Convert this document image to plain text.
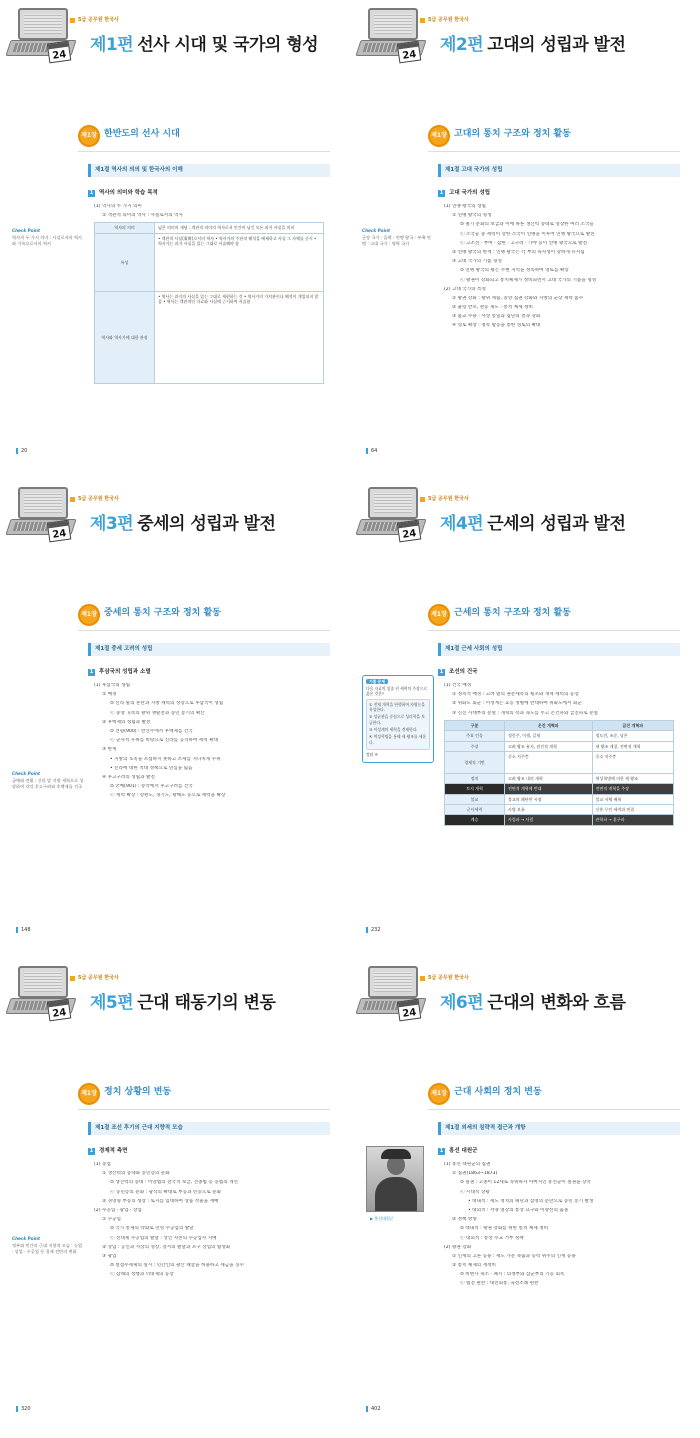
24
5급 공무원 한국사
제1편 선사 시대 및 국가의 형성
제1장 한반도의 선사 시대
제1절 역사의 의의 및 한국사의 이해
1	역사의 의미와 학습 목적
Check Point
역사의 두 가지 의미 : 사실로서의 역사와 기록으로서의 역사
(1) 역사의 두 가지 의미
① 객관적 의미의 역사 : 사실로서의 역사
역사의 의미	넓은 의미의 개념 : 객관적 의미의 역사로서 인간이 남긴 모든 과거 사실을 의미
특성	• 객관적 사실(事實)로서의 역사 • 역사가의 주관적 해석을 배제하고 사실 그 자체를 중시 • 역사가는 과거 사실을 있는 그대로 서술해야 함
역사와 역사가에 대한 관점	• 역사는 과거의 사실을 있는 그대로 재현하는 것 • 역사가의 가치관이나 해석이 개입되지 않음 • 역사는 객관적인 자료와 사실에 근거하여 서술함
20
24
5급 공무원 한국사
제2편 고대의 성립과 발전
제1장 고대의 통치 구조와 정치 활동
제1절 고대 국가의 성립
1	고대 국가의 성립
Check Point
군장 국가 : 읍락 : 연맹 왕국 : 부족 연맹 : 고대 국가 : 영역 국가
(1) 연맹 왕국의 성립
① 연맹 왕국의 형성
⊙ 철기 문화의 보급과 이에 따른 생산력 증대로 성장한 여러 소국들
ⓒ 소국들 중 세력이 강한 소국이 연맹을 이루어 연맹 왕국으로 발전
ⓒ 고조선 · 부여 · 삼한 · 고구려 · 가야 등이 연맹 왕국으로 발전
② 연맹 왕국의 한계 : 연맹 왕국은 각 부의 독자성이 강하게 유지됨
③ 고대 국가의 기틀 형성
⊙ 연맹 왕국의 왕은 주변 지역을 정복하여 영토를 확장
ⓒ 왕권이 강화되고 통치체제가 정비되면서 고대 국가의 기틀을 형성
(2) 고대 국가의 특성
① 왕권 강화 : 왕위 세습, 중앙 집권 강화와 지방의 군장 세력 흡수
② 율령 반포, 관등 제도 : 통치 체제 정비
③ 불교 수용 : 사상 통일과 집단의 결속 강화
④ 영토 확장 : 정복 활동을 통한 영토의 확대
64
24
5급 공무원 한국사
제3편 중세의 성립과 발전
제1장 중세의 통치 구조와 정치 활동
제1절 중세 고려의 성립
1	후삼국의 성립과 소멸
Check Point
궁예와 견훤 : 신라 말 지방 세력으로 성장하여 각각 후고구려와 후백제를 건국
(1) 후삼국의 성립
① 배경
⊙ 신라 말의 혼란과 지방 세력의 성장으로 후삼국이 성립
ⓒ 중앙 귀족의 왕위 쟁탈전과 농민 봉기의 확산
② 후백제의 성립과 발전
⊙ 견훤(900) : 완산주에서 후백제를 건국
ⓒ 군사적 우위를 바탕으로 신라를 공격하여 세력 확대
③ 한계
• 지방의 호족을 포섭하지 못하고 조세를 지나치게 수취
• 신라에 대한 적대 정책으로 민심을 잃음
④ 후고구려의 성립과 발전
⊙ 궁예(901) : 송악에서 후고구려를 건국
ⓒ 세력 확장 : 강원도, 경기도, 황해도 등으로 세력을 확장
148
24
5급 공무원 한국사
제4편 근세의 성립과 발전
제1장 근세의 통치 구조와 정치 활동
제1절 근세 사회의 성립
1	조선의 건국
기출 문제
다음 자료의 밑줄 친 세력의 주장으로 옳은 것은?
① 전제 개혁을 단행하여 자영농을 육성한다.
② 성균관을 중심으로 성리학을 보급한다.
③ 이성계의 세력을 견제한다.
④ 역성혁명을 통해 새 왕조를 세운다.
정답 ④
(1) 건국 배경
① 정치적 배경 : 고려 말의 권문세족의 횡포와 개혁 세력의 등장
② 위화도 회군 : 이성계는 요동 정벌에 반대하여 위화도에서 회군
③ 신진 사대부의 분열 : 개혁의 폭과 속도를 두고 온건파와 급진파로 분열
구분	온건 개혁파	급진 개혁파
주요 인물	정몽주, 이색, 길재	정도전, 조준, 남은
주장	고려 왕조 유지, 점진적 개혁	새 왕조 개창, 전면적 개혁
경제적 기반	중소 지주층	중소 지주층
정치	고려 왕조 내의 개혁	역성혁명에 의한 새 왕조
토지 개혁	전면적 개혁에 반대	전면적 개혁을 주장
불교	불교의 폐단만 시정	불교 자체 배척
군사세력	사병 보유	신흥 무인 세력과 연결
계승	사림파 → 사림	관학파 → 훈구파
232
24
5급 공무원 한국사
제5편 근대 태동기의 변동
제1장 정치 상황의 변동
제1절 조선 후기의 근대 지향적 모습
1	경제적 측면
Check Point
정부와 민간의 근대 지향적 모습 : 농업 · 상업 · 수공업 등 경제 전반의 변화
(1) 농업
① 생산력의 증대와 농민층의 분화
⊙ 생산력의 증대 : 이앙법의 전국적 보급, 견종법 등 농법의 개선
ⓒ 농민층의 분화 : 광작의 확대로 부농과 빈농으로 분화
② 경영형 부농의 성장 : 토지를 임대하여 상품 작물을 재배
(2) 수공업 · 광업 · 상업
① 수공업
⊙ 국가 통제의 약화로 민영 수공업의 발달
ⓒ 선대제 수공업의 발달 : 상인 자본의 수공업자 지배
② 상업 : 공인과 사상의 성장, 장시의 발달과 포구 상업의 활성화
③ 광업
⊙ 설점수세제의 실시 : 민간인의 광산 채굴을 허용하고 세금을 징수
ⓒ 잠채의 성행과 덕대제의 등장
320
24
5급 공무원 한국사
제6편 근대의 변화와 흐름
제1장 근대 사회의 정치 변동
제1절 외세의 침략적 접근과 개항
1	흥선 대원군
▶ 흥선대원군
(1) 흥선 대원군의 집권
① 집권(1863~1873)
⊙ 실권 : 고종이 12세로 즉위하자 아버지인 흥선군이 실권을 장악
ⓒ 시대적 상황
• 대내적 : 세도 정치의 폐단과 삼정의 문란으로 농민 봉기 발생
• 대외적 : 서양 열강의 통상 요구와 이양선의 출몰
② 정책 방향
⊙ 대내적 : 왕권 강화를 위한 통치 체제 정비
ⓒ 대외적 : 통상 수교 거부 정책
(2) 왕권 강화
① 인재의 고른 등용 : 세도 가문 축출과 능력 위주의 인재 등용
② 통치 체제의 재정비
⊙ 비변사 축소 · 폐지 : 의정부와 삼군부의 기능 회복
ⓒ 법전 편찬 : 대전회통, 육전조례 편찬
402
